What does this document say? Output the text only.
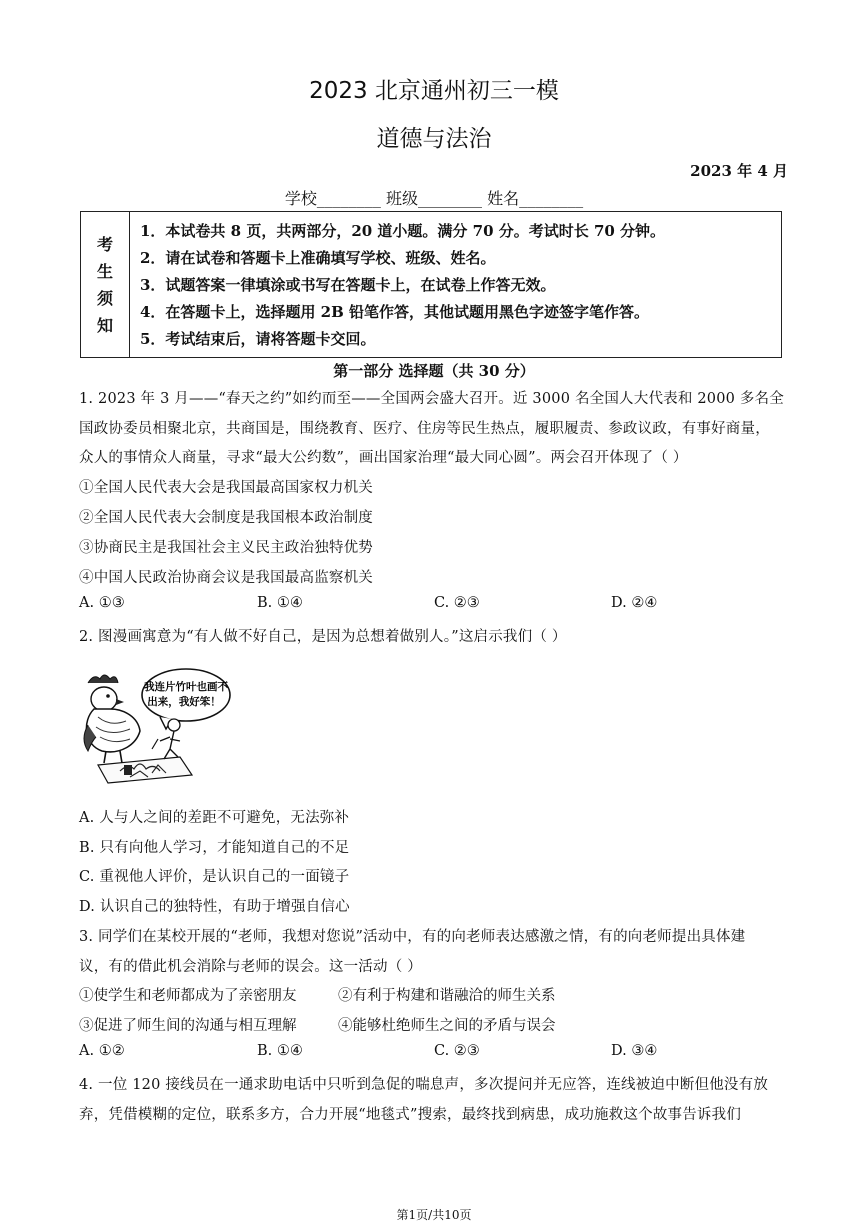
2023 北京通州初三一模
道德与法治
2023 年 4 月
学校________ 班级________ 姓名________
考
生
须
知
1．本试卷共 8 页，共两部分，20 道小题。满分 70 分。考试时长 70 分钟。
2．请在试卷和答题卡上准确填写学校、班级、姓名。
3．试题答案一律填涂或书写在答题卡上，在试卷上作答无效。
4．在答题卡上，选择题用 2B 铅笔作答，其他试题用黑色字迹签字笔作答。
5．考试结束后，请将答题卡交回。
第一部分 选择题（共 30 分）
1. 2023 年 3 月——“春天之约”如约而至——全国两会盛大召开。近 3000 名全国人大代表和 2000 多名全
国政协委员相聚北京，共商国是，围绕教育、医疗、住房等民生热点，履职履责、参政议政，有事好商量，
众人的事情众人商量，寻求“最大公约数”，画出国家治理“最大同心圆”。两会召开体现了（ ）
①全国人民代表大会是我国最高国家权力机关
②全国人民代表大会制度是我国根本政治制度
③协商民主是我国社会主义民主政治独特优势
④中国人民政治协商会议是我国最高监察机关
A. ①③	B. ①④	C. ②③	D. ②④
2. 图漫画寓意为“有人做不好自己，是因为总想着做别人。”这启示我们（ ）
我连片竹叶也画不
出来，我好笨！
A. 人与人之间的差距不可避免，无法弥补
B. 只有向他人学习，才能知道自己的不足
C. 重视他人评价，是认识自己的一面镜子
D. 认识自己的独特性，有助于增强自信心
3. 同学们在某校开展的“老师，我想对您说”活动中，有的向老师表达感激之情，有的向老师提出具体建
议，有的借此机会消除与老师的误会。这一活动（ ）
①使学生和老师都成为了亲密朋友	②有利于构建和谐融洽的师生关系
③促进了师生间的沟通与相互理解	④能够杜绝师生之间的矛盾与误会
A. ①②	B. ①④	C. ②③	D. ③④
4. 一位 120 接线员在一通求助电话中只听到急促的喘息声，多次提问并无应答，连线被迫中断但他没有放
弃，凭借模糊的定位，联系多方，合力开展“地毯式”搜索，最终找到病患，成功施救这个故事告诉我们
第1页/共10页
